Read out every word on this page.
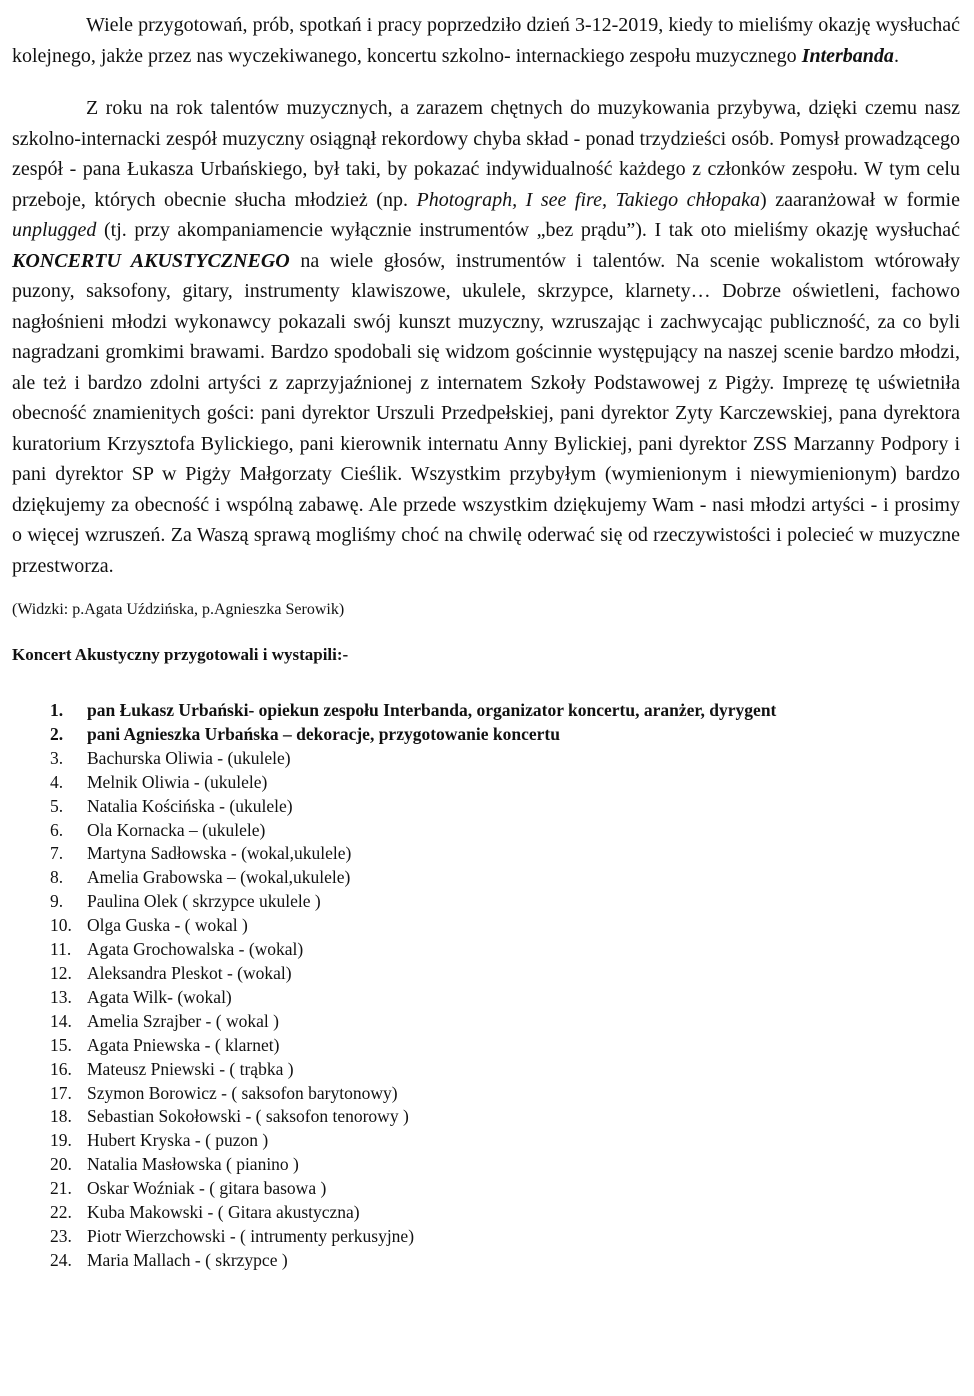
Wiele przygotowań, prób, spotkań i pracy poprzedziło dzień 3-12-2019, kiedy to mieliśmy okazję wysłuchać kolejnego, jakże przez nas wyczekiwanego, koncertu szkolno- internackiego zespołu muzycznego Interbanda.

Z roku na rok talentów muzycznych, a zarazem chętnych do muzykowania przybywa, dzięki czemu nasz szkolno-internacki zespół muzyczny osiągnął rekordowy chyba skład - ponad trzydzieści osób. Pomysł prowadzącego zespół - pana Łukasza Urbańskiego, był taki, by pokazać indywidualność każdego z członków zespołu. W tym celu przeboje, których obecnie słucha młodzież (np. Photograph, I see fire, Takiego chłopaka) zaaranżował w formie unplugged (tj. przy akompaniamencie wyłącznie instrumentów „bez prądu”). I tak oto mieliśmy okazję wysłuchać KONCERTU AKUSTYCZNEGO na wiele głosów, instrumentów i talentów. Na scenie wokalistom wtórowały puzony, saksofony, gitary, instrumenty klawiszowe, ukulele, skrzypce, klarnety… Dobrze oświetleni, fachowo nagłośnieni młodzi wykonawcy pokazali swój kunszt muzyczny, wzruszając i zachwycając publiczność, za co byli nagradzani gromkimi brawami. Bardzo spodobali się widzom gościnnie występujący na naszej scenie bardzo młodzi, ale też i bardzo zdolni artyści z zaprzyjaźnionej z internatem Szkoły Podstawowej z Pigży. Imprezę tę uświetniła obecność znamienitych gości: pani dyrektor Urszuli Przedpełskiej, pani dyrektor Zyty Karczewskiej, pana dyrektora kuratorium Krzysztofa Bylickiego, pani kierownik internatu Anny Bylickiej, pani dyrektor ZSS Marzanny Podpory i pani dyrektor SP w Pigży Małgorzaty Cieślik. Wszystkim przybyłym (wymienionym i niewymienionym) bardzo dziękujemy za obecność i wspólną zabawę. Ale przede wszystkim dziękujemy Wam - nasi młodzi artyści - i prosimy o więcej wzruszeń. Za Waszą sprawą mogliśmy choć na chwilę oderwać się od rzeczywistości i polecieć w muzyczne przestworza.

(Widzki: p.Agata Uździńska, p.Agnieszka Serowik)

Koncert Akustyczny przygotowali i wystapili:-

1.	pan Łukasz Urbański- opiekun zespołu Interbanda, organizator koncertu, aranżer, dyrygent
2.	pani Agnieszka Urbańska – dekoracje, przygotowanie koncertu
3.	Bachurska Oliwia - (ukulele)
4.	Melnik Oliwia - (ukulele)
5.	Natalia Kościńska - (ukulele)
6.	Ola Kornacka – (ukulele)
7.	Martyna Sadłowska - (wokal,ukulele)
8.	Amelia Grabowska – (wokal,ukulele)
9.	Paulina Olek ( skrzypce ukulele )
10. Olga Guska - ( wokal )
11. Agata Grochowalska - (wokal)
12. Aleksandra Pleskot - (wokal)
13. Agata Wilk- (wokal)
14. Amelia Szrajber - ( wokal )
15. Agata Pniewska - ( klarnet)
16. Mateusz Pniewski - ( trąbka )
17. Szymon Borowicz - ( saksofon barytonowy)
18. Sebastian Sokołowski - ( saksofon tenorowy )
19. Hubert Kryska - ( puzon )
20. Natalia Masłowska ( pianino )
21. Oskar Woźniak - ( gitara basowa )
22. Kuba Makowski - ( Gitara akustyczna)
23. Piotr Wierzchowski - ( intrumenty perkusyjne)
24. Maria Mallach - ( skrzypce )
